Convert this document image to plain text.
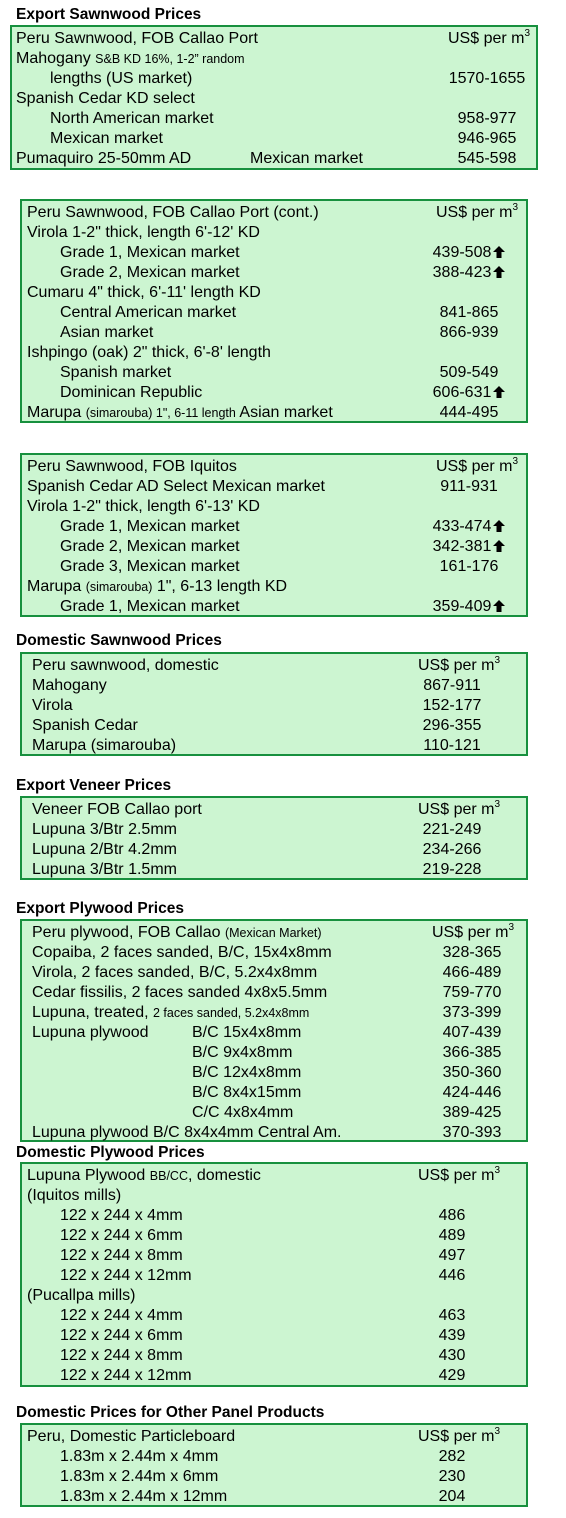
Export Sawnwood Prices
Domestic Sawnwood Prices
Export Veneer Prices
Export Plywood Prices
Domestic Plywood Prices
Domestic Prices for Other Panel Products
Peru Sawnwood, FOB Callao Port	US$ per $m^3$
Mahogany S&B KD 16%, 1-2” random
lengths (US market)	1570-1655
Spanish Cedar KD select
North American market	958-977
Mexican market	946-965
Pumaquiro 25-50mm AD	Mexican market	545-598
Peru Sawnwood, FOB Callao Port (cont.)	US$ per $m^3$
Virola 1-2" thick, length 6'-12' KD
Grade 1, Mexican market	439-508
Grade 2, Mexican market	388-423
Cumaru 4" thick, 6'-11' length KD
Central American market	841-865
Asian market	866-939
Ishpingo (oak) 2" thick, 6'-8' length
Spanish market	509-549
Dominican Republic	606-631
Marupa (simarouba) 1", 6-11 length Asian market	444-495
Peru Sawnwood, FOB Iquitos	US$ per $m^3$
Spanish Cedar AD Select Mexican market	911-931
Virola 1-2" thick, length 6'-13' KD
Grade 1, Mexican market	433-474
Grade 2, Mexican market	342-381
Grade 3, Mexican market	161-176
Marupa (simarouba) 1", 6-13 length KD
Grade 1, Mexican market	359-409
Peru sawnwood, domestic	US$ per $m^3$
Mahogany	867-911
Virola	152-177
Spanish Cedar	296-355
Marupa (simarouba)	110-121
Veneer FOB Callao port	US$ per $m^3$
Lupuna 3/Btr 2.5mm	221-249
Lupuna 2/Btr 4.2mm	234-266
Lupuna 3/Btr 1.5mm	219-228
Peru plywood, FOB Callao (Mexican Market)	US$ per $m^3$
Copaiba, 2 faces sanded, B/C, 15x4x8mm	328-365
Virola, 2 faces sanded, B/C, 5.2x4x8mm	466-489
Cedar fissilis, 2 faces sanded 4x8x5.5mm	759-770
Lupuna, treated, 2 faces sanded, 5.2x4x8mm	373-399
Lupuna plywood	B/C 15x4x8mm	407-439
B/C 9x4x8mm	366-385
B/C 12x4x8mm	350-360
B/C 8x4x15mm	424-446
C/C 4x8x4mm	389-425
Lupuna plywood B/C 8x4x4mm Central Am.	370-393
Lupuna Plywood BB/CC, domestic	US$ per $m^3$
(Iquitos mills)
122 x 244 x 4mm	486
122 x 244 x 6mm	489
122 x 244 x 8mm	497
122 x 244 x 12mm	446
(Pucallpa mills)
122 x 244 x 4mm	463
122 x 244 x 6mm	439
122 x 244 x 8mm	430
122 x 244 x 12mm	429
Peru, Domestic Particleboard	US$ per $m^3$
1.83m x 2.44m x 4mm	282
1.83m x 2.44m x 6mm	230
1.83m x 2.44m x 12mm	204
